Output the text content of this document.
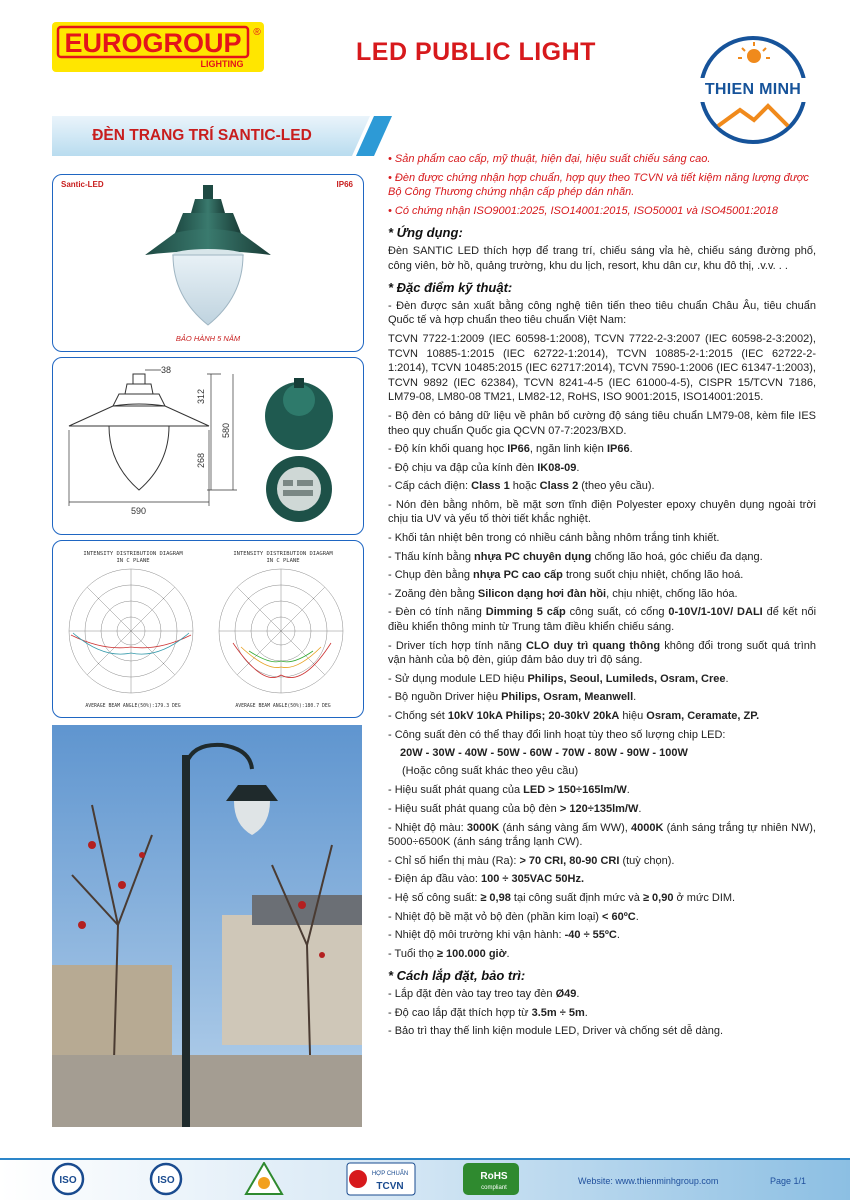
EUROGROUP
LIGHTING
®
LED PUBLIC LIGHT
THIEN MINH
ĐÈN TRANG TRÍ SANTIC-LED
Santic-LED	IP66
BẢO HÀNH 5 NĂM
38
312
580
268
590
INTENSITY DISTRIBUTION DIAGRAM
IN C PLANE
AVERAGE BEAM ANGLE(50%):179.3 DEG
INTENSITY DISTRIBUTION DIAGRAM
IN C PLANE
AVERAGE BEAM ANGLE(50%):180.7 DEG

• Sản phẩm cao cấp, mỹ thuật, hiện đại, hiệu suất chiếu sáng cao.

• Đèn được chứng nhận hợp chuẩn, hợp quy theo TCVN và tiết kiệm năng lượng được Bộ Công Thương chứng nhận cấp phép dán nhãn.

• Có chứng nhận ISO9001:2025, ISO14001:2015, ISO50001 và ISO45001:2018

* Ứng dụng:

Đèn SANTIC LED thích hợp để trang trí, chiếu sáng vỉa hè, chiếu sáng đường phố, công viên, bờ hồ, quảng trường, khu du lịch, resort, khu dân cư, khu đô thị, .v.v. . .

* Đặc điểm kỹ thuật:

- Đèn được sản xuất bằng công nghệ tiên tiến theo tiêu chuẩn Châu Âu, tiêu chuẩn Quốc tế và hợp chuẩn theo tiêu chuẩn Việt Nam:

TCVN 7722-1:2009 (IEC 60598-1:2008), TCVN 7722-2-3:2007 (IEC 60598-2-3:2002), TCVN 10885-1:2015 (IEC 62722-1:2014), TCVN 10885-2-1:2015 (IEC 62722-2-1:2014), TCVN 10485:2015 (IEC 62717:2014), TCVN 7590-1:2006 (IEC 61347-1:2003), TCVN 9892 (IEC 62384), TCVN 8241-4-5 (IEC 61000-4-5), CISPR 15/TCVN 7186, LM79-08, LM80-08 TM21, LM82-12, RoHS, ISO 9001:2015, ISO14001:2015.

- Bộ đèn có bảng dữ liệu về phân bố cường độ sáng tiêu chuẩn LM79-08, kèm file IES theo quy chuẩn Quốc gia QCVN 07-7:2023/BXD.

- Độ kín khối quang học IP66, ngăn linh kiện IP66.

- Độ chịu va đập của kính đèn IK08-09.

- Cấp cách điện: Class 1 hoặc Class 2 (theo yêu cầu).

- Nón đèn bằng nhôm, bề mặt sơn tĩnh điện Polyester epoxy chuyên dụng ngoài trời chịu tia UV và yếu tố thời tiết khắc nghiệt.

- Khối tản nhiệt bên trong có nhiều cánh bằng nhôm trắng tinh khiết.

- Thấu kính bằng nhựa PC chuyên dụng chống lão hoá, góc chiếu đa dạng.

- Chụp đèn bằng nhựa PC cao cấp trong suốt chịu nhiệt, chống lão hoá.

- Zoăng đèn bằng Silicon dạng hơi đàn hồi, chịu nhiệt, chống lão hóa.

- Đèn có tính năng Dimming 5 cấp công suất, có cổng 0-10V/1-10V/ DALI để kết nối điều khiển thông minh từ Trung tâm điều khiển chiếu sáng.

- Driver tích hợp tính năng CLO duy trì quang thông không đổi trong suốt quá trình vận hành của bộ đèn, giúp đảm bảo duy trì độ sáng.

- Sử dụng module LED hiệu Philips, Seoul, Lumileds, Osram, Cree.

- Bộ nguồn Driver hiệu Philips, Osram, Meanwell.

- Chống sét 10kV 10kA Philips; 20-30kV 20kA hiệu Osram, Ceramate, ZP.

- Công suất đèn có thể thay đổi linh hoạt tùy theo số lượng chip LED:

20W - 30W - 40W - 50W - 60W - 70W - 80W - 90W - 100W

(Hoặc công suất khác theo yêu cầu)

- Hiệu suất phát quang của LED > 150÷165lm/W.

- Hiệu suất phát quang của bộ đèn > 120÷135lm/W.

- Nhiệt độ màu: 3000K (ánh sáng vàng ấm WW), 4000K (ánh sáng trắng tự nhiên NW), 5000÷6500K (ánh sáng trắng lạnh CW).

- Chỉ số hiển thị màu (Ra): > 70 CRI, 80-90 CRI (tuỳ chọn).

- Điện áp đầu vào: 100 ÷ 305VAC 50Hz.

- Hệ số công suất: ≥ 0,98 tại công suất định mức và ≥ 0,90 ở mức DIM.

- Nhiệt độ bề mặt vỏ bộ đèn (phần kim loại) < 60ºC.

- Nhiệt độ môi trường khi vận hành: -40 ÷ 55ºC.

- Tuổi thọ ≥ 100.000 giờ.

* Cách lắp đặt, bảo trì:

- Lắp đặt đèn vào tay treo tay đèn Ø49.

- Độ cao lắp đặt thích hợp từ 3.5m ÷ 5m.

- Bảo trì thay thế linh kiện module LED, Driver và chống sét dễ dàng.

ISO	ISO
HỢP CHUẨN
TCVN
RoHS
compliant
Website: www.thienminhgroup.com	Page 1/1
